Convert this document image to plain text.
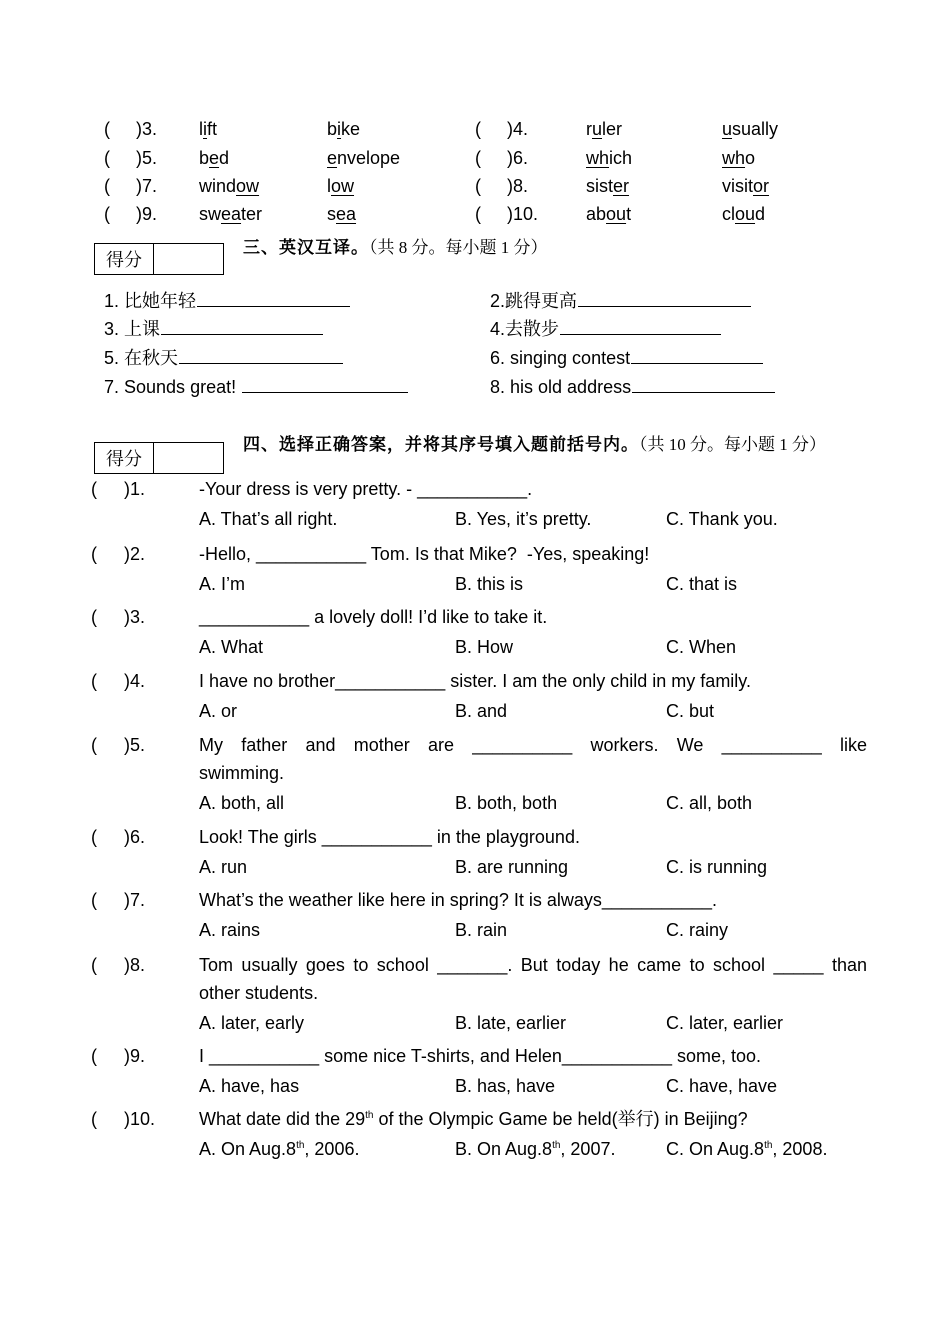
( )3. lift	bike	( )4.	ruler	usually
( )5. bed	envelope	( )6.	which	who
( )7. window	low	( )8.	sister	visitor
( )9. sweater	sea	( )10.	about	cloud
得分
三、英汉互译。（共 8 分。每小题 1 分）
1. 比她年轻	2.跳得更高
3. 上课	4.去散步
5. 在秋天	6. singing contest
7. Sounds great!	8. his old address
得分
四、选择正确答案，并将其序号填入题前括号内。（共 10 分。每小题 1 分）
( )1.	-Your dress is very pretty. - ___________.
A. That’s all right.	B. Yes, it’s pretty.	C. Thank you.
( )2.	-Hello, ___________ Tom. Is that Mike?  -Yes, speaking!
A. I’m	B. this is	C. that is
( )3.	___________ a lovely doll! I’d like to take it.
A. What	B. How	C. When
( )4.	I have no brother___________ sister. I am the only child in my family.
A. or	B. and	C. but
( )5.	My  father  and  mother  are  __________  workers.  We  __________  like
swimming.
A. both, all	B. both, both	C. all, both
( )6.	Look! The girls ___________ in the playground.
A. run	B. are running	C. is running
( )7.	What’s the weather like here in spring? It is always___________.
A. rains	B. rain	C. rainy
( )8.	Tom usually goes to school _______. But today he came to school _____ than
other students.
A. later, early	B. late, earlier	C. later, earlier
( )9.	I ___________ some nice T-shirts, and Helen___________ some, too.
A. have, has	B. has, have	C. have, have
( )10. What date did the 29th of the Olympic Game be held(举行) in Beijing?
A. On Aug.8th, 2006.	B. On Aug.8th, 2007.	C. On Aug.8th, 2008.
